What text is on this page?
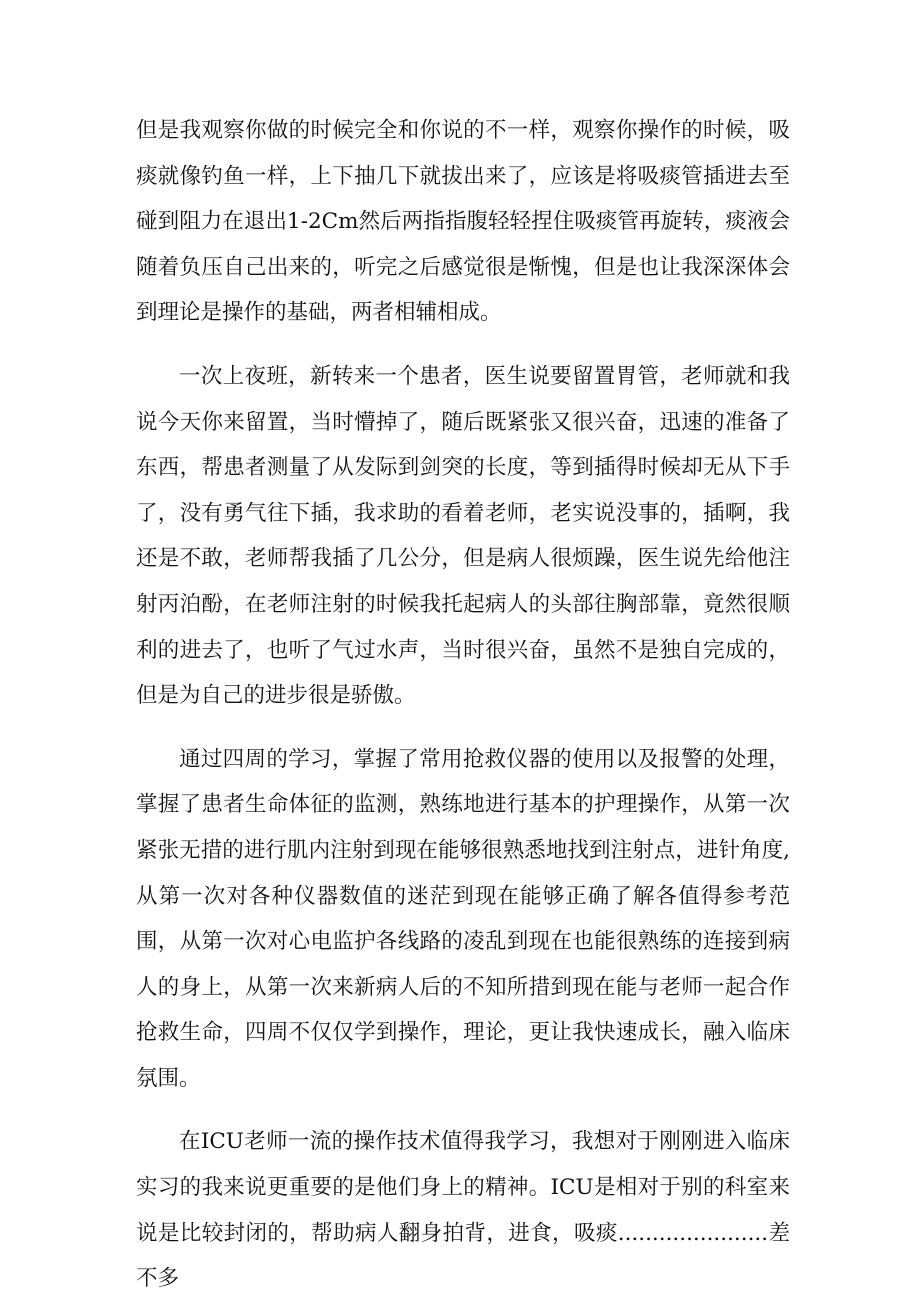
但是我观察你做的时候完全和你说的不一样，观察你操作的时候，吸痰就像钓鱼一样，上下抽几下就拔出来了，应该是将吸痰管插进去至碰到阻力在退出1-2Cm然后两指指腹轻轻捏住吸痰管再旋转，痰液会随着负压自己出来的，听完之后感觉很是惭愧，但是也让我深深体会到理论是操作的基础，两者相辅相成。

一次上夜班，新转来一个患者，医生说要留置胃管，老师就和我说今天你来留置，当时懵掉了，随后既紧张又很兴奋，迅速的准备了东西，帮患者测量了从发际到剑突的长度，等到插得时候却无从下手了，没有勇气往下插，我求助的看着老师，老实说没事的，插啊，我还是不敢，老师帮我插了几公分，但是病人很烦躁，医生说先给他注射丙泊酚，在老师注射的时候我托起病人的头部往胸部靠，竟然很顺利的进去了，也听了气过水声，当时很兴奋，虽然不是独自完成的，但是为自己的进步很是骄傲。

通过四周的学习，掌握了常用抢救仪器的使用以及报警的处理，掌握了患者生命体征的监测，熟练地进行基本的护理操作，从第一次紧张无措的进行肌内注射到现在能够很熟悉地找到注射点，进针角度,从第一次对各种仪器数值的迷茫到现在能够正确了解各值得参考范围，从第一次对心电监护各线路的凌乱到现在也能很熟练的连接到病人的身上，从第一次来新病人后的不知所措到现在能与老师一起合作抢救生命，四周不仅仅学到操作，理论，更让我快速成长，融入临床氛围。

在ICU老师一流的操作技术值得我学习，我想对于刚刚进入临床实习的我来说更重要的是他们身上的精神。ICU是相对于别的科室来说是比较封闭的，帮助病人翻身拍背，进食，吸痰......................差不多
